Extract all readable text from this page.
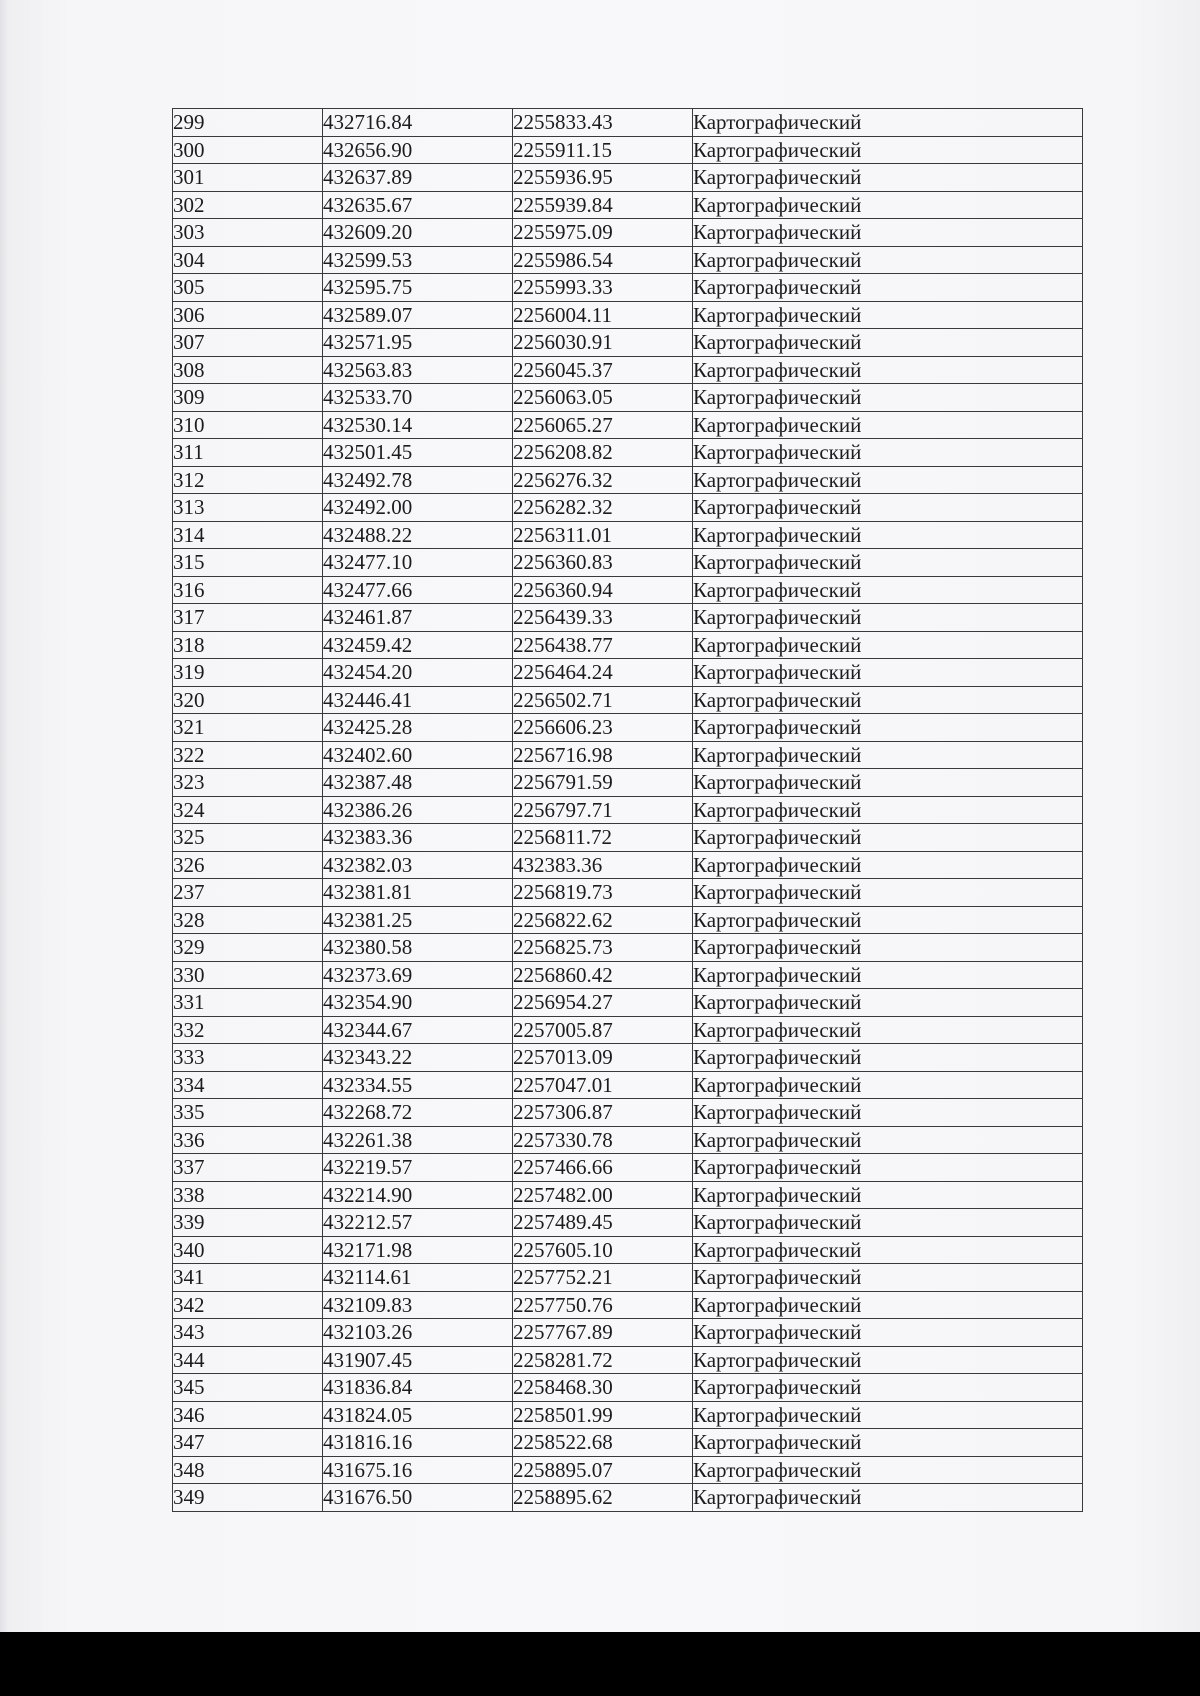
299	432716.84	2255833.43	Картографический
300	432656.90	2255911.15	Картографический
301	432637.89	2255936.95	Картографический
302	432635.67	2255939.84	Картографический
303	432609.20	2255975.09	Картографический
304	432599.53	2255986.54	Картографический
305	432595.75	2255993.33	Картографический
306	432589.07	2256004.11	Картографический
307	432571.95	2256030.91	Картографический
308	432563.83	2256045.37	Картографический
309	432533.70	2256063.05	Картографический
310	432530.14	2256065.27	Картографический
311	432501.45	2256208.82	Картографический
312	432492.78	2256276.32	Картографический
313	432492.00	2256282.32	Картографический
314	432488.22	2256311.01	Картографический
315	432477.10	2256360.83	Картографический
316	432477.66	2256360.94	Картографический
317	432461.87	2256439.33	Картографический
318	432459.42	2256438.77	Картографический
319	432454.20	2256464.24	Картографический
320	432446.41	2256502.71	Картографический
321	432425.28	2256606.23	Картографический
322	432402.60	2256716.98	Картографический
323	432387.48	2256791.59	Картографический
324	432386.26	2256797.71	Картографический
325	432383.36	2256811.72	Картографический
326	432382.03	432383.36	Картографический
237	432381.81	2256819.73	Картографический
328	432381.25	2256822.62	Картографический
329	432380.58	2256825.73	Картографический
330	432373.69	2256860.42	Картографический
331	432354.90	2256954.27	Картографический
332	432344.67	2257005.87	Картографический
333	432343.22	2257013.09	Картографический
334	432334.55	2257047.01	Картографический
335	432268.72	2257306.87	Картографический
336	432261.38	2257330.78	Картографический
337	432219.57	2257466.66	Картографический
338	432214.90	2257482.00	Картографический
339	432212.57	2257489.45	Картографический
340	432171.98	2257605.10	Картографический
341	432114.61	2257752.21	Картографический
342	432109.83	2257750.76	Картографический
343	432103.26	2257767.89	Картографический
344	431907.45	2258281.72	Картографический
345	431836.84	2258468.30	Картографический
346	431824.05	2258501.99	Картографический
347	431816.16	2258522.68	Картографический
348	431675.16	2258895.07	Картографический
349	431676.50	2258895.62	Картографический
